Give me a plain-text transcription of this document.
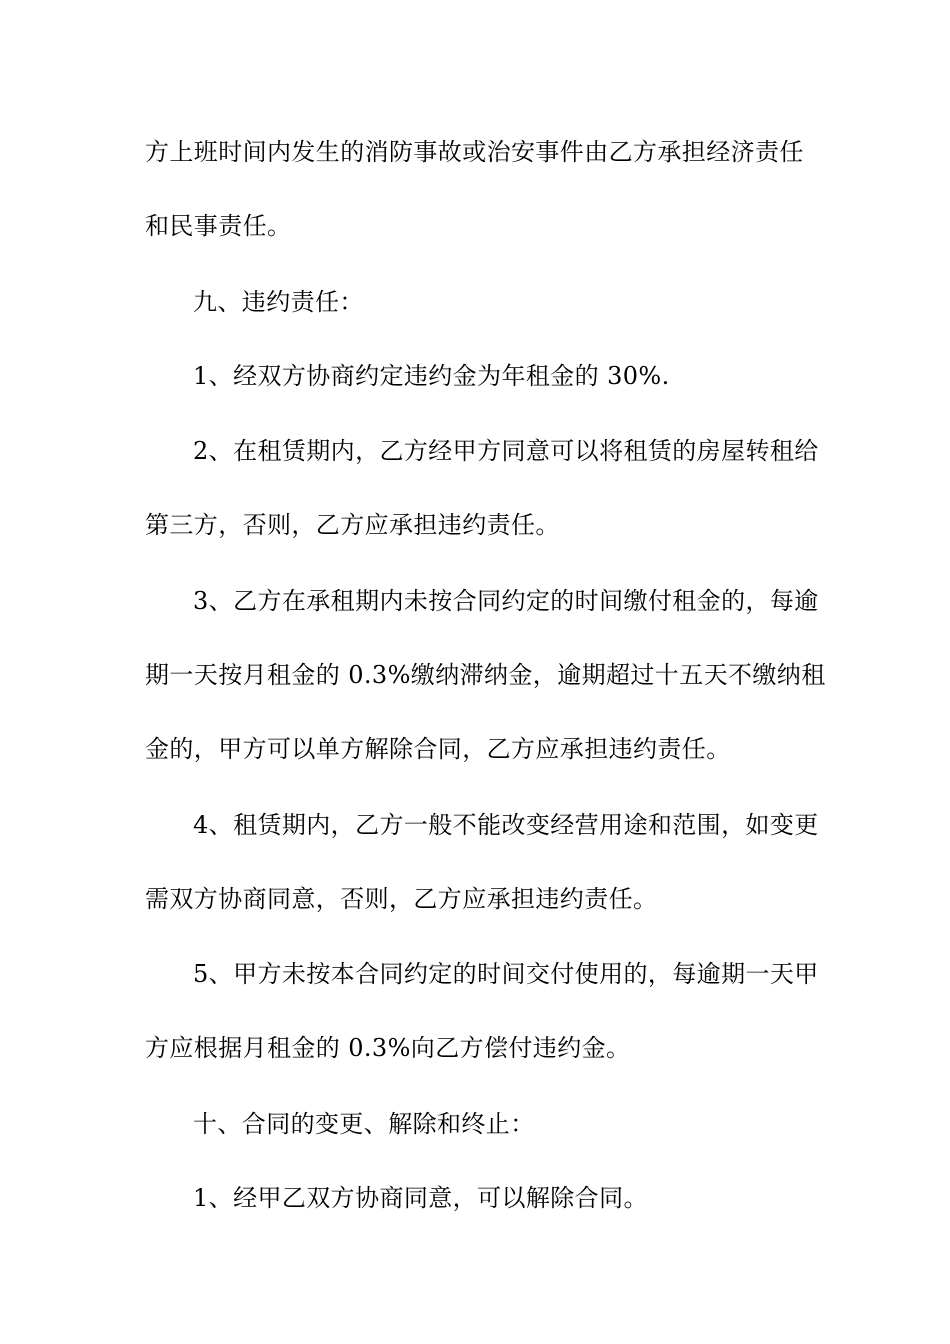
方上班时间内发生的消防事故或治安事件由乙方承担经济责任
和民事责任。
九、违约责任：
1、经双方协商约定违约金为年租金的 30%.
2、在租赁期内，乙方经甲方同意可以将租赁的房屋转租给
第三方，否则，乙方应承担违约责任。
3、乙方在承租期内未按合同约定的时间缴付租金的，每逾
期一天按月租金的 0.3%缴纳滞纳金，逾期超过十五天不缴纳租
金的，甲方可以单方解除合同，乙方应承担违约责任。
4、租赁期内，乙方一般不能改变经营用途和范围，如变更
需双方协商同意，否则，乙方应承担违约责任。
5、甲方未按本合同约定的时间交付使用的，每逾期一天甲
方应根据月租金的 0.3%向乙方偿付违约金。
十、合同的变更、解除和终止：
1、经甲乙双方协商同意，可以解除合同。
